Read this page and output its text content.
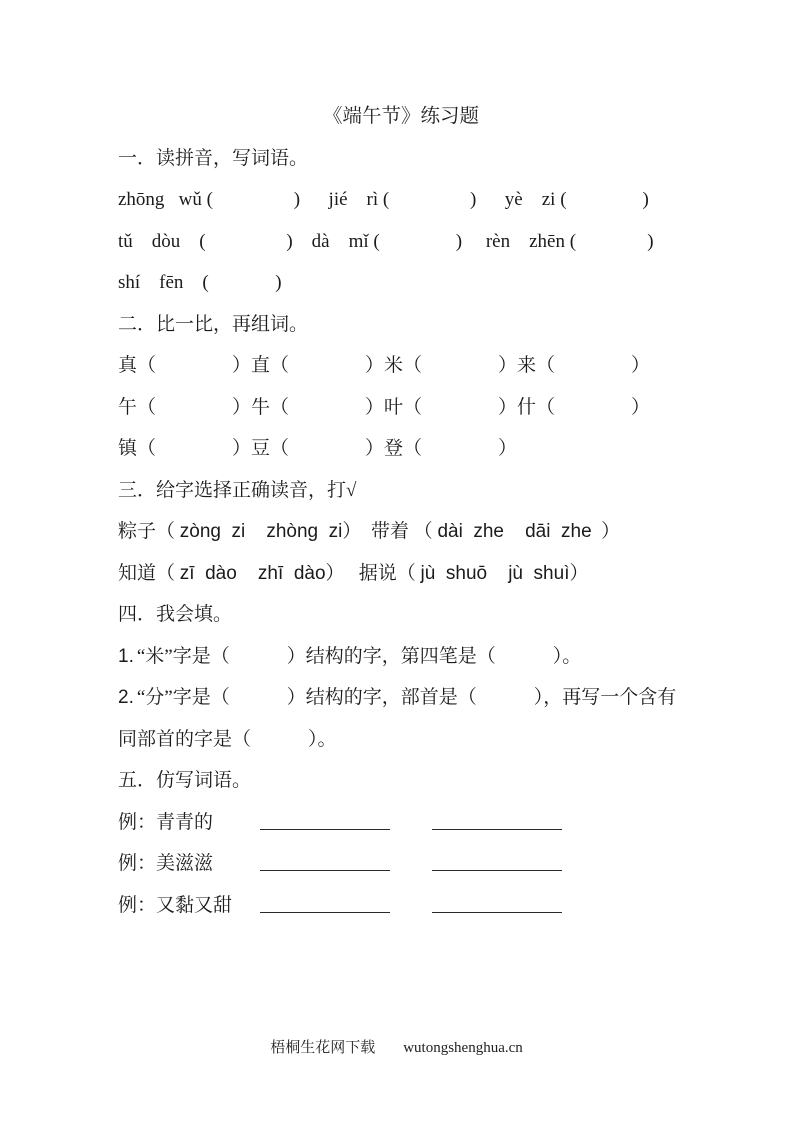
《端午节》练习题

一．读拼音，写词语。

zhōng   wǔ (                 )      jié    rì (                 )      yè    zi (                )

tǔ    dòu    (                 )    dà    mǐ (                )     rèn    zhēn (               )

shí    fēn    (              )

二．比一比，再组词。

真（　　　　）直（　　　　）米（　　　　）来（　　　　）

午（　　　　）牛（　　　　）叶（　　　　）什（　　　　）

镇（　　　　）豆（　　　　）登（　　　　）

三．给字选择正确读音，打√

粽子（ zòng  zi    zhòng  zi）  带着 （ dài  zhe    dāi  zhe  ）

知道（ zī  dào    zhī  dào）   据说（ jù  shuō    jù  shuì）

四．我会填。

1. “米”字是（　　　）结构的字，第四笔是（　　　）。

2. “分”字是（　　　）结构的字，部首是（　　　），再写一个含有

同部首的字是（　　　）。

五．仿写词语。

例：青青的

例：美滋滋

例：又黏又甜

梧桐生花网下载 wutongshenghua.cn
